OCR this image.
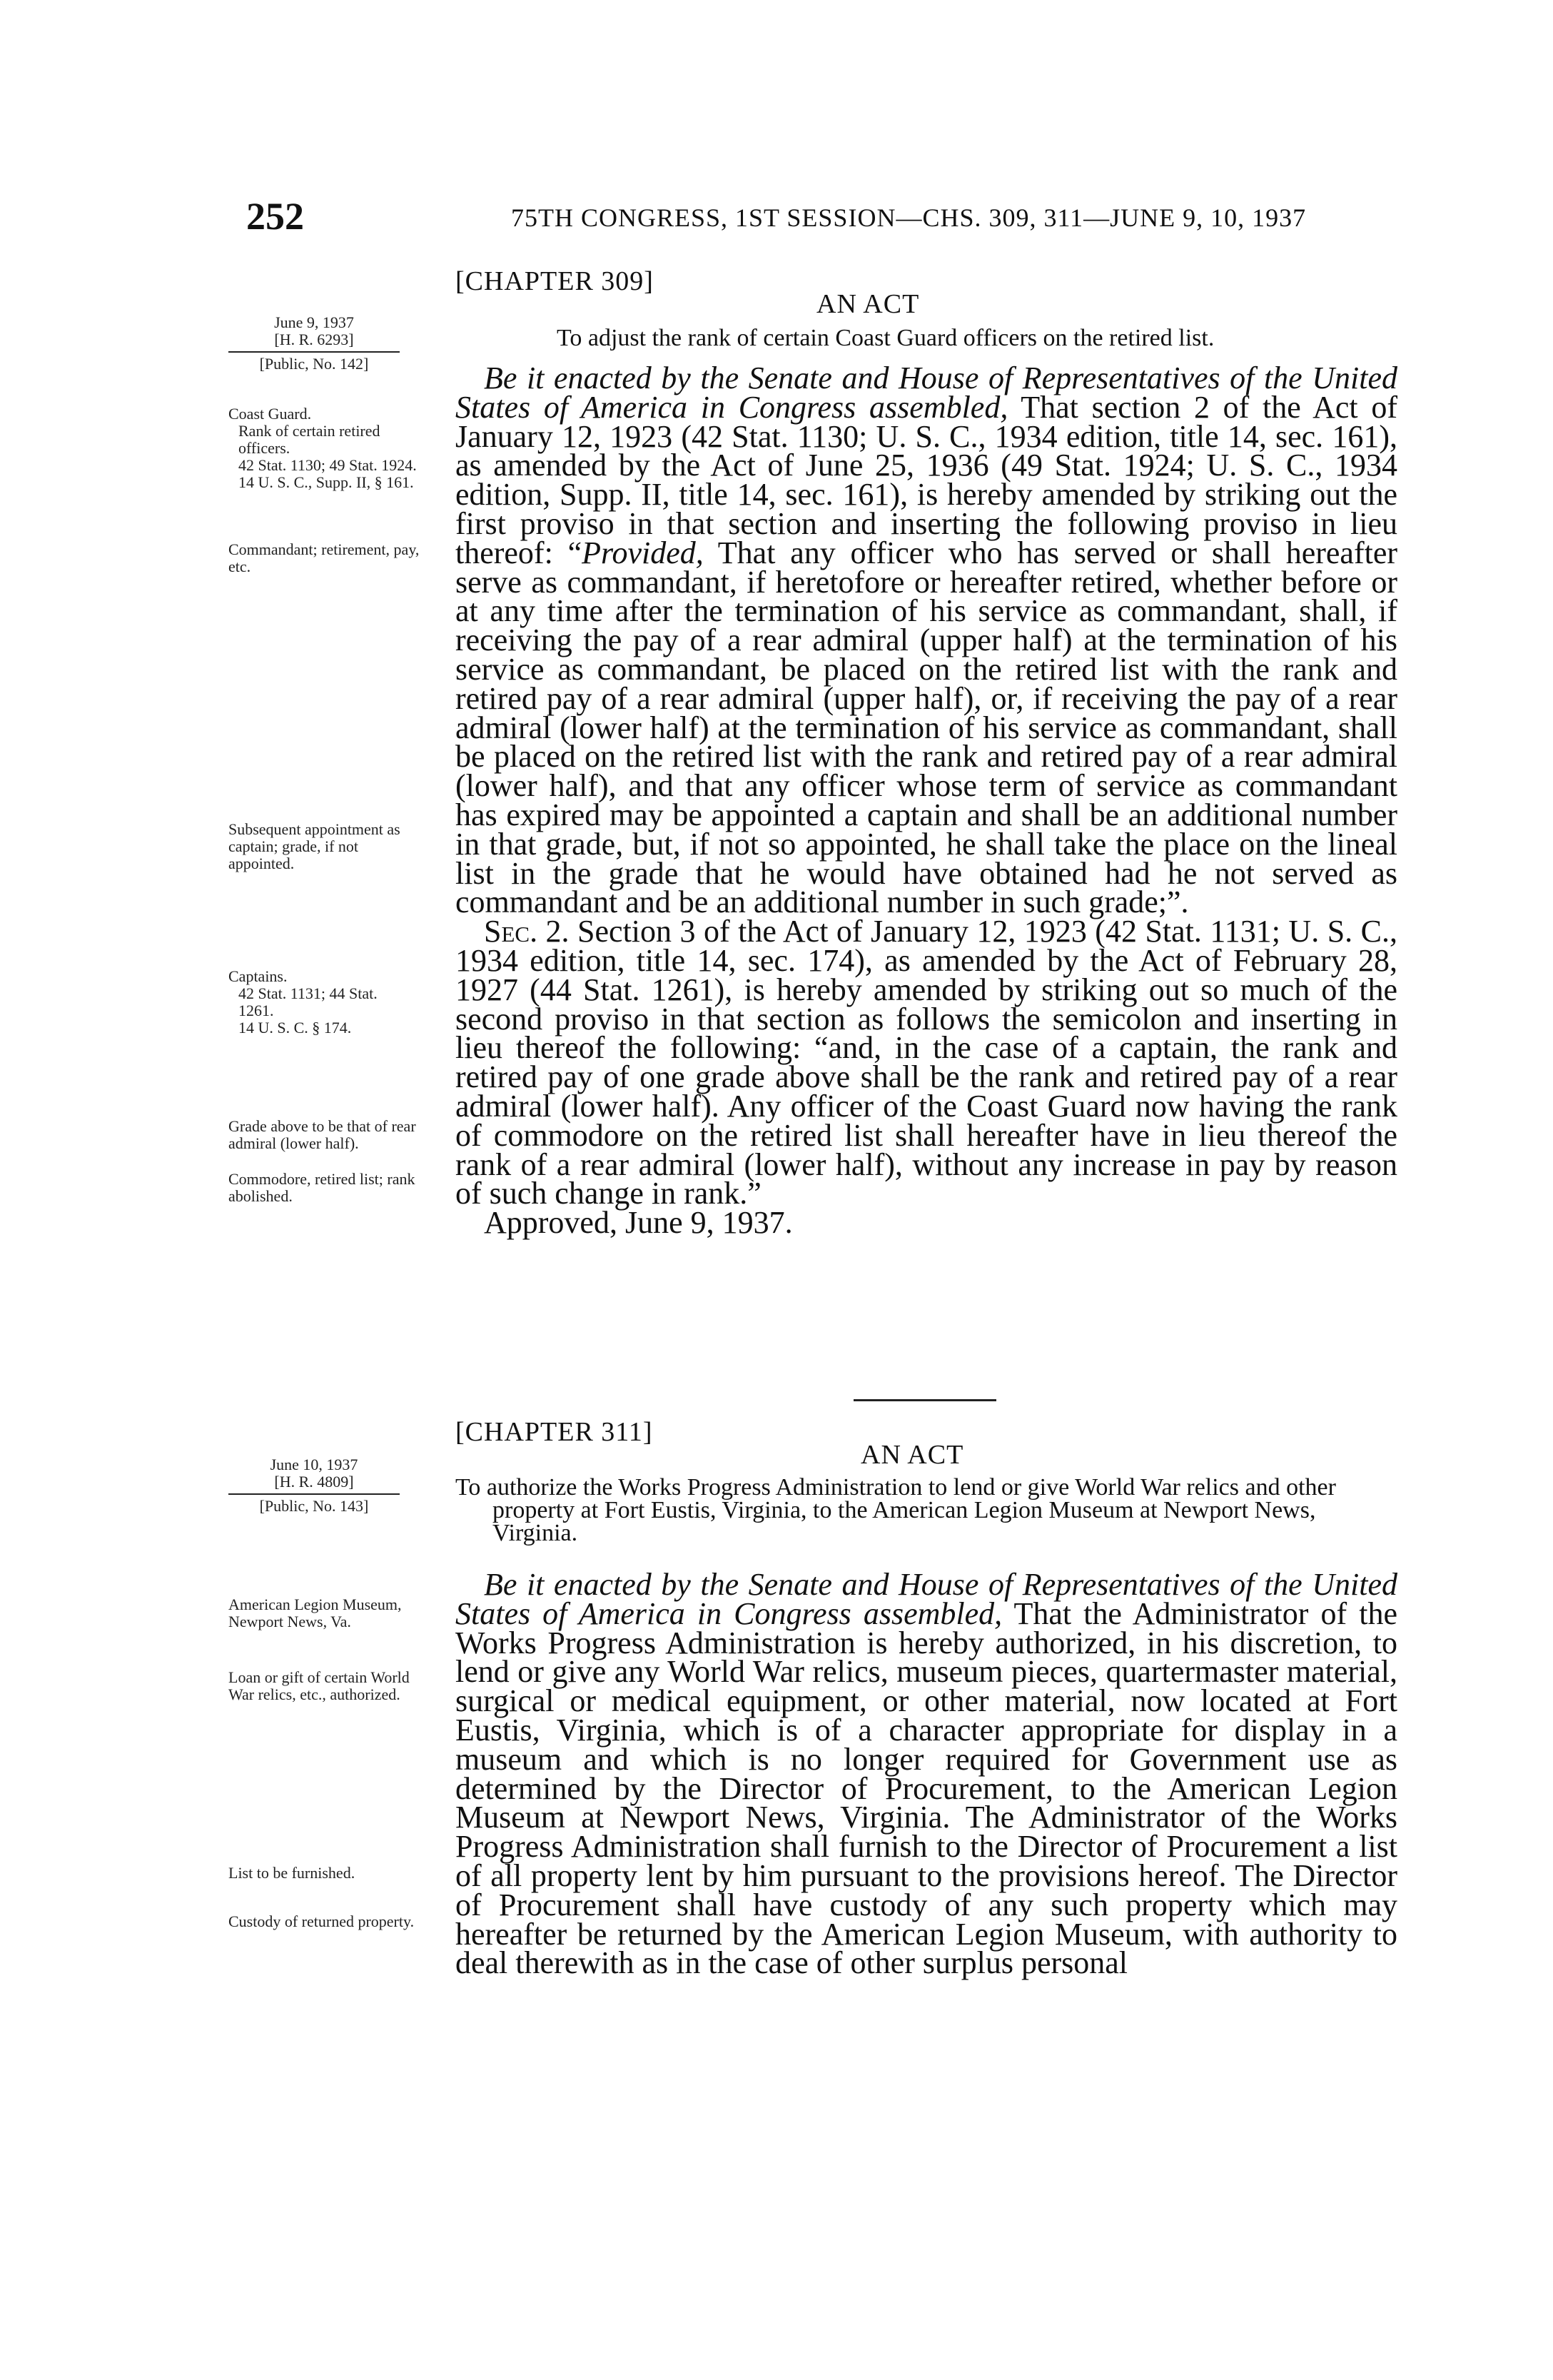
252	75TH CONGRESS, 1ST SESSION—CHS. 309, 311—JUNE 9, 10, 1937
[CHAPTER 309]
AN ACT
To adjust the rank of certain Coast Guard officers on the retired list.
June 9, 1937
[H. R. 6293]
[Public, No. 142]
Coast Guard.
Rank of certain retired officers.
42 Stat. 1130; 49 Stat. 1924.
14 U. S. C., Supp. II, § 161.
Commandant; retirement, pay, etc.
Subsequent appointment as captain; grade, if not appointed.
Captains.
42 Stat. 1131; 44 Stat. 1261.
14 U. S. C. § 174.
Grade above to be that of rear admiral (lower half).
Commodore, retired list; rank abolished.

Be it enacted by the Senate and House of Representatives of the United States of America in Congress assembled, That section 2 of the Act of January 12, 1923 (42 Stat. 1130; U. S. C., 1934 edition, title 14, sec. 161), as amended by the Act of June 25, 1936 (49 Stat. 1924; U. S. C., 1934 edition, Supp. II, title 14, sec. 161), is hereby amended by striking out the first proviso in that section and inserting the following proviso in lieu thereof: “Provided, That any officer who has served or shall hereafter serve as commandant, if heretofore or hereafter retired, whether before or at any time after the termination of his service as commandant, shall, if receiving the pay of a rear admiral (upper half) at the termination of his service as commandant, be placed on the retired list with the rank and retired pay of a rear admiral (upper half), or, if receiving the pay of a rear admiral (lower half) at the termination of his service as commandant, shall be placed on the retired list with the rank and retired pay of a rear admiral (lower half), and that any officer whose term of service as commandant has expired may be appointed a captain and shall be an additional number in that grade, but, if not so appointed, he shall take the place on the lineal list in the grade that he would have obtained had he not served as commandant and be an additional number in such grade;”.

Sec. 2. Section 3 of the Act of January 12, 1923 (42 Stat. 1131; U. S. C., 1934 edition, title 14, sec. 174), as amended by the Act of February 28, 1927 (44 Stat. 1261), is hereby amended by striking out so much of the second proviso in that section as follows the semicolon and inserting in lieu thereof the following: “and, in the case of a captain, the rank and retired pay of one grade above shall be the rank and retired pay of a rear admiral (lower half). Any officer of the Coast Guard now having the rank of commodore on the retired list shall hereafter have in lieu thereof the rank of a rear admiral (lower half), without any increase in pay by reason of such change in rank.”

Approved, June 9, 1937.

[CHAPTER 311]
AN ACT
To authorize the Works Progress Administration to lend or give World War relics and other property at Fort Eustis, Virginia, to the American Legion Museum at Newport News, Virginia.
June 10, 1937
[H. R. 4809]
[Public, No. 143]
American Legion Museum, Newport News, Va.
Loan or gift of certain World War relics, etc., authorized.
List to be furnished.
Custody of returned property.

Be it enacted by the Senate and House of Representatives of the United States of America in Congress assembled, That the Administrator of the Works Progress Administration is hereby authorized, in his discretion, to lend or give any World War relics, museum pieces, quartermaster material, surgical or medical equipment, or other material, now located at Fort Eustis, Virginia, which is of a character appropriate for display in a museum and which is no longer required for Government use as determined by the Director of Procurement, to the American Legion Museum at Newport News, Virginia. The Administrator of the Works Progress Administration shall furnish to the Director of Procurement a list of all property lent by him pursuant to the provisions hereof. The Director of Procurement shall have custody of any such property which may hereafter be returned by the American Legion Museum, with authority to deal therewith as in the case of other surplus personal
